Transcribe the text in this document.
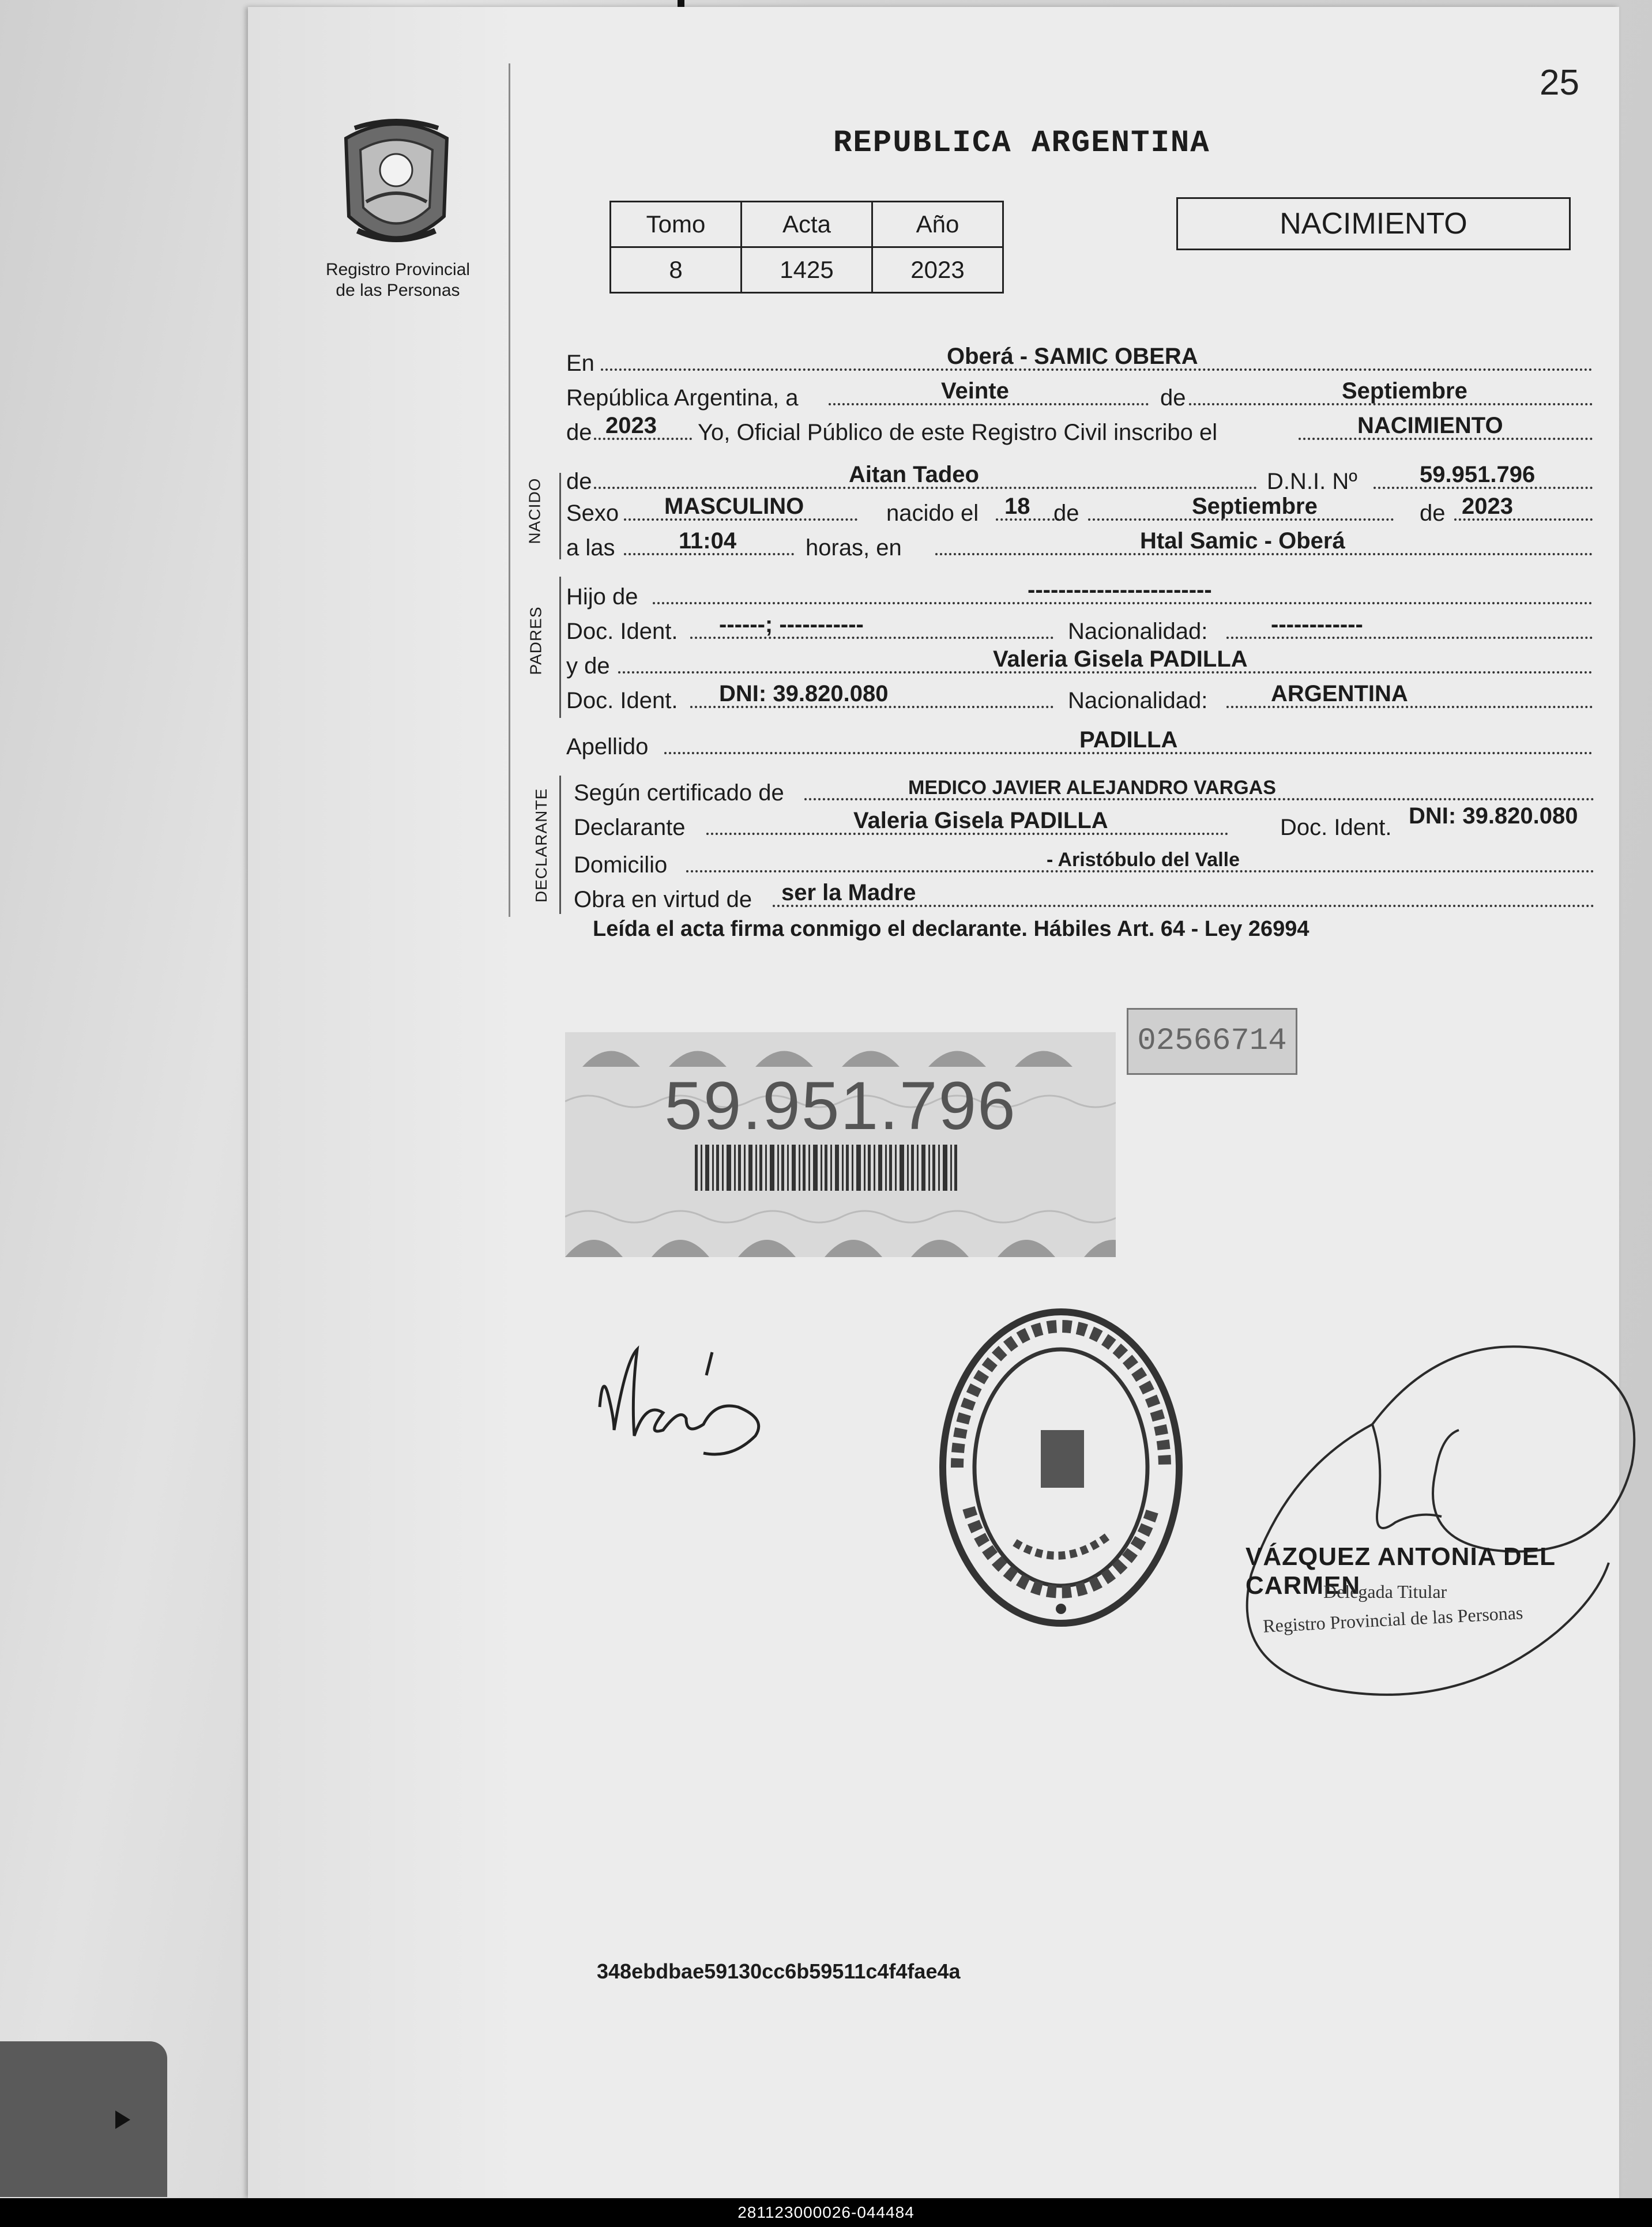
25
REPUBLICA ARGENTINA
Registro Provincial
de las Personas
Tomo	Acta	Año
8	1425	2023
NACIMIENTO
NACIDO
PADRES
DECLARANTE
En	Oberá - SAMIC OBERA
República Argentina, a	Veinte	de	Septiembre
de 2023 Yo, Oficial Público de este Registro Civil inscribo el	NACIMIENTO
de	Aitan Tadeo	D.N.I. Nº	59.951.796
Sexo MASCULINO	nacido el 18 de	Septiembre	de 2023
a las	11:04	horas, en	Htal Samic - Oberá
Hijo de	------------------------
Doc. Ident. ------; -----------	Nacionalidad:	------------
y de	Valeria Gisela PADILLA
Doc. Ident. DNI: 39.820.080	Nacionalidad:	ARGENTINA
Apellido	PADILLA
Según certificado de	MEDICO JAVIER ALEJANDRO VARGAS
Declarante	Valeria Gisela PADILLA	Doc. Ident. DNI: 39.820.080
Domicilio	- Aristóbulo del Valle
Obra en virtud de ser la Madre
Leída el acta firma conmigo el declarante. Hábiles Art. 64 - Ley 26994
59.951.796
02566714
VÁZQUEZ ANTONIA DEL CARMEN
Delegada Titular
Registro Provincial de las Personas
348ebdbae59130cc6b59511c4f4fae4a
281123000026-044484
